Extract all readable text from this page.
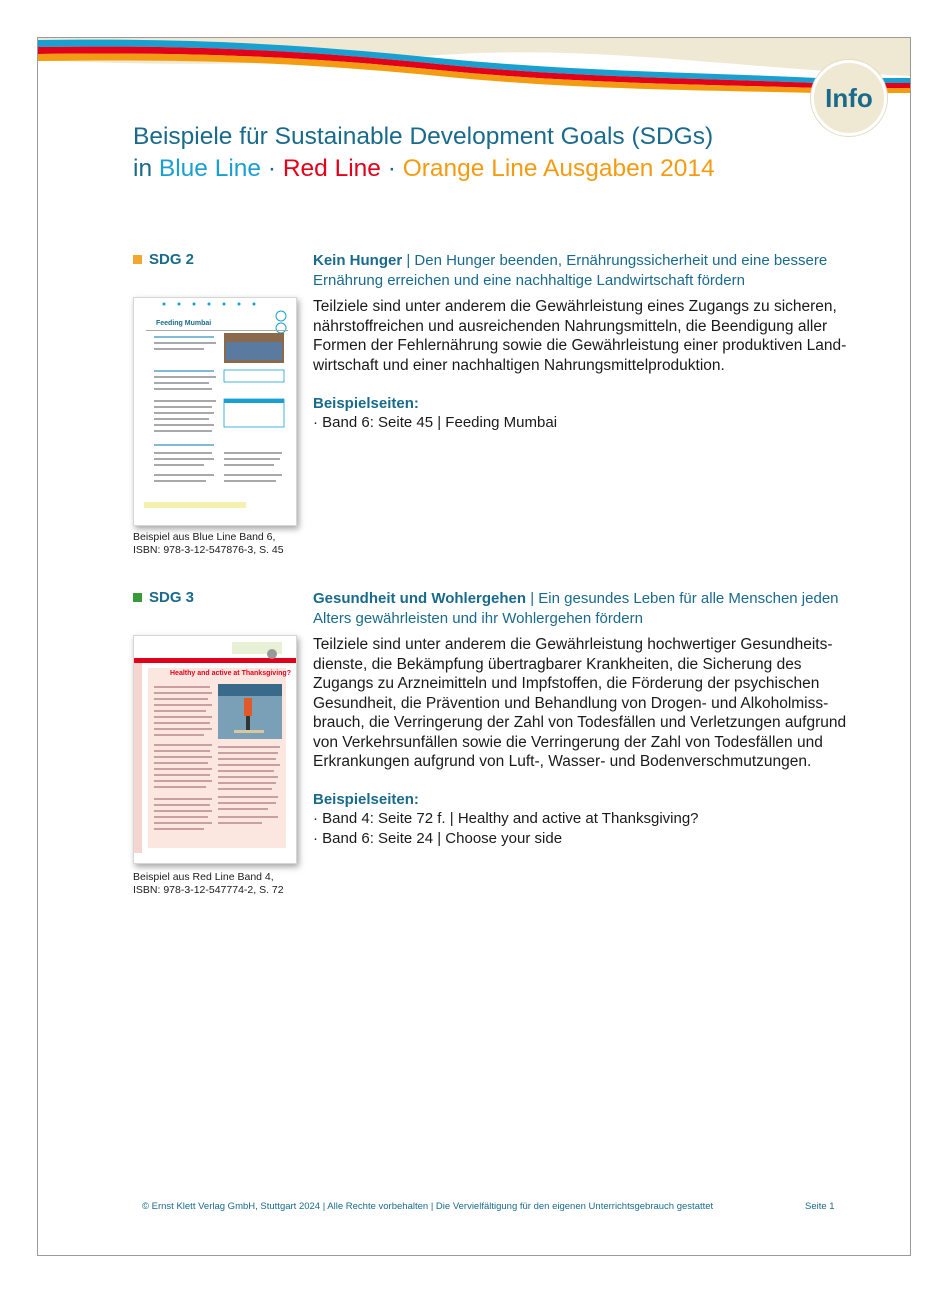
Info
Beispiele für Sustainable Development Goals (SDGs)
in Blue Line · Red Line · Orange Line Ausgaben 2014
SDG 2	Kein Hunger | Den Hunger beenden, Ernährungssicherheit und eine bessere Ernährung erreichen und eine nachhaltige Landwirtschaft fördern
Teilziele sind unter anderem die Gewährleistung eines Zugangs zu sicheren, nährstoffreichen und ausreichenden Nahrungsmitteln, die Beendigung aller Formen der Fehlernährung sowie die Gewährleistung einer produktiven Land-wirtschaft und einer nachhaltigen Nahrungsmittelproduktion.
Beispielseiten:
· Band 6: Seite 45 | Feeding Mumbai
Feeding Mumbai
Beispiel aus Blue Line Band 6,
ISBN: 978-3-12-547876-3, S. 45
SDG 3	Gesundheit und Wohlergehen | Ein gesundes Leben für alle Menschen jeden Alters gewährleisten und ihr Wohlergehen fördern
Teilziele sind unter anderem die Gewährleistung hochwertiger Gesundheits-dienste, die Bekämpfung übertragbarer Krankheiten, die Sicherung des Zugangs zu Arzneimitteln und Impfstoffen, die Förderung der psychischen Gesundheit, die Prävention und Behandlung von Drogen- und Alkoholmiss-brauch, die Verringerung der Zahl von Todesfällen und Verletzungen aufgrund von Verkehrsunfällen sowie die Verringerung der Zahl von Todesfällen und Erkrankungen aufgrund von Luft-, Wasser- und Bodenverschmutzungen.
Beispielseiten:
· Band 4: Seite 72 f. | Healthy and active at Thanksgiving?
· Band 6: Seite 24 | Choose your side
Healthy and active at Thanksgiving?
Beispiel aus Red Line Band 4,
ISBN: 978-3-12-547774-2, S. 72
© Ernst Klett Verlag GmbH, Stuttgart 2024 | Alle Rechte vorbehalten | Die Vervielfältigung für den eigenen Unterrichtsgebrauch gestattet	Seite 1
